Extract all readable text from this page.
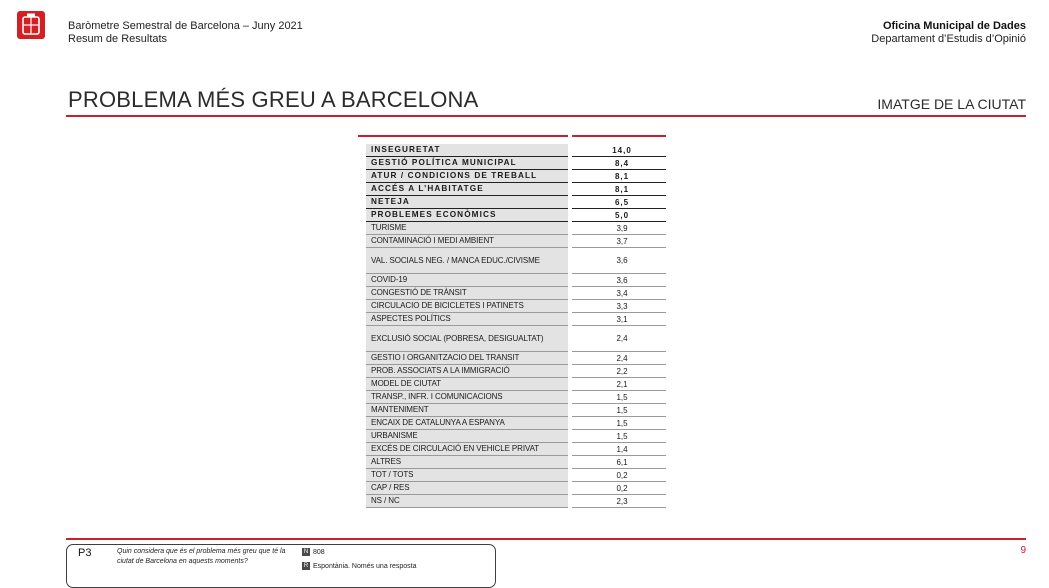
Baròmetre Semestral de Barcelona – Juny 2021
Resum de Resultats
Oficina Municipal de Dades
Departament d’Estudis d’Opinió
PROBLEMA MÉS GREU A BARCELONA	IMATGE DE LA CIUTAT
INSEGURETAT
GESTIÓ POLÍTICA MUNICIPAL
ATUR / CONDICIONS DE TREBALL
ACCÉS A L’HABITATGE
NETEJA
PROBLEMES ECONÒMICS
TURISME
CONTAMINACIÓ I MEDI AMBIENT
VAL. SOCIALS NEG. / MANCA EDUC./CIVISME
COVID-19
CONGESTIÓ DE TRÀNSIT
CIRCULACIO DE BICICLETES I PATINETS
ASPECTES POLÍTICS
EXCLUSIÓ SOCIAL (POBRESA, DESIGUALTAT)
GESTIO I ORGANITZACIO DEL TRANSIT
PROB. ASSOCIATS A LA IMMIGRACIÓ
MODEL DE CIUTAT
TRANSP., INFR. I COMUNICACIONS
MANTENIMENT
ENCAIX DE CATALUNYA A ESPANYA
URBANISME
EXCÉS DE CIRCULACIÓ EN VEHICLE PRIVAT
ALTRES
TOT / TOTS
CAP / RES
NS / NC
14,0
8,4
8,1
8,1
6,5
5,0
3,9
3,7
3,6
3,6
3,4
3,3
3,1
2,4
2,4
2,2
2,1
1,5
1,5
1,5
1,5
1,4
6,1
0,2
0,2
2,3
9
P3	Quin considera que és el problema més greu que té la ciutat de Barcelona en aquests moments?
N 808
R Espontània. Només una resposta
